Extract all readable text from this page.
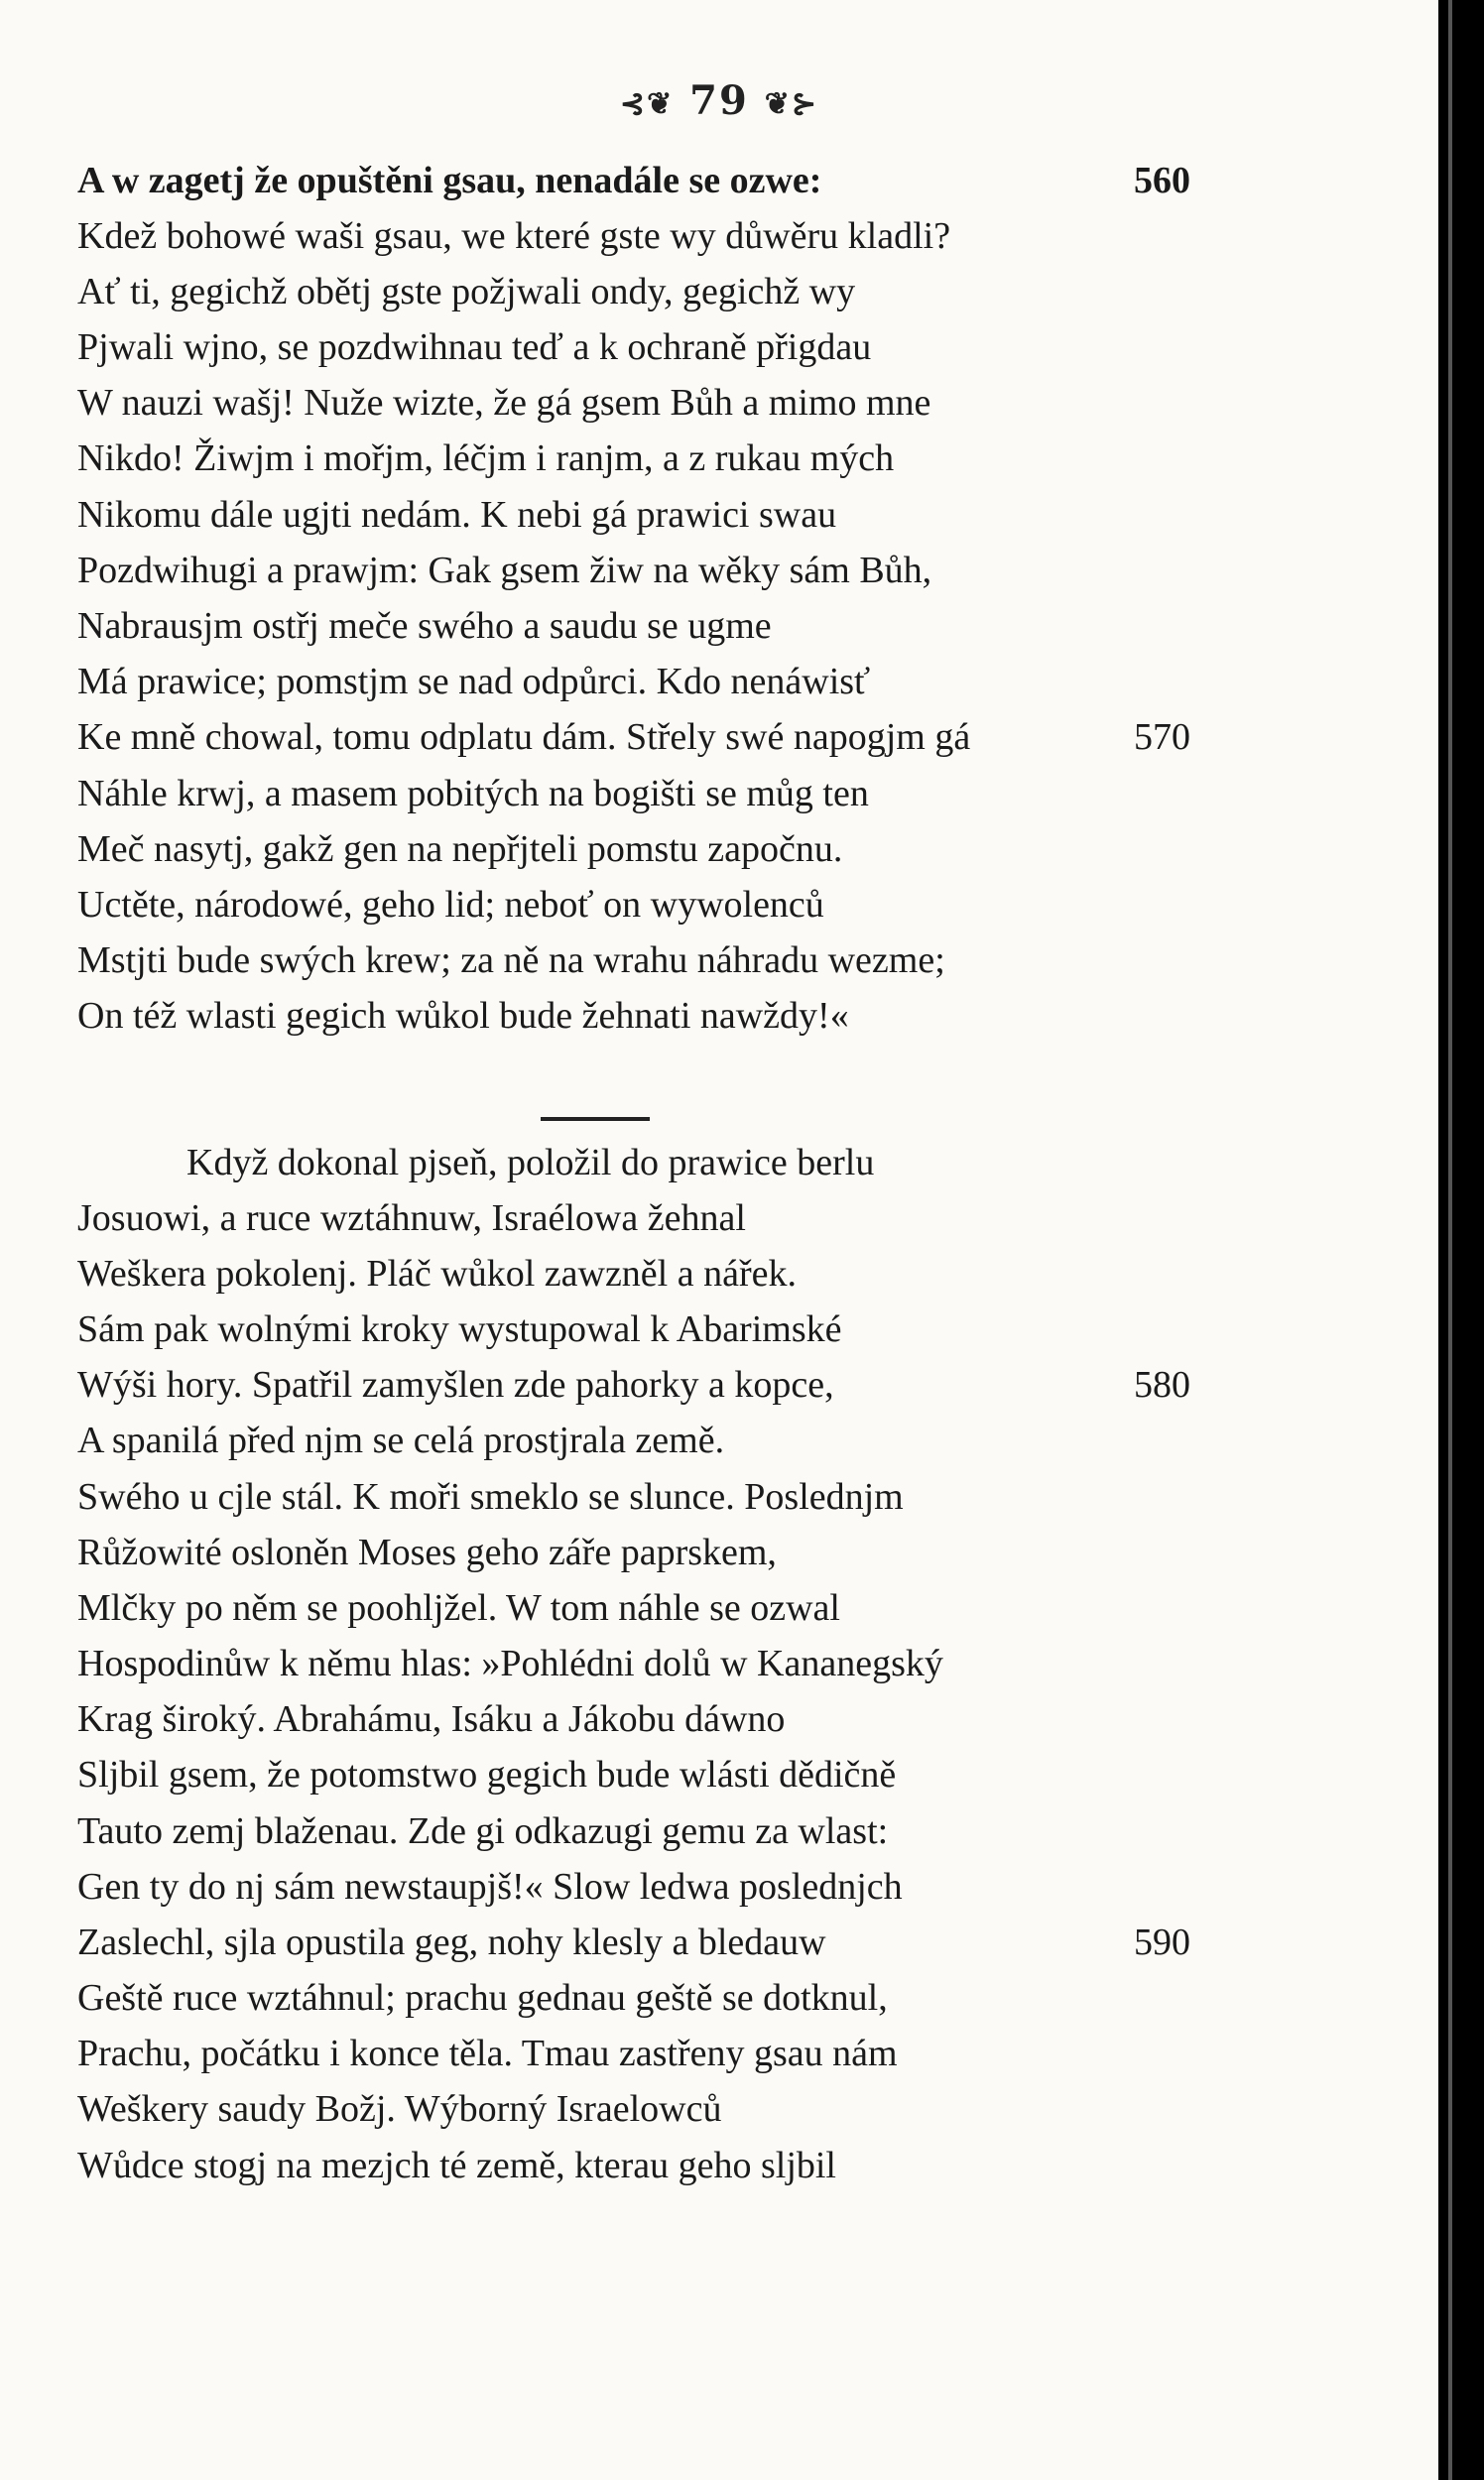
⊰❦ 79 ❦⊱
A w zagetj že opuštěni gsau, nenadále se ozwe:	560
Kdež bohowé waši gsau, we které gste wy důwěru kladli?
Ať ti, gegichž obětj gste požjwali ondy, gegichž wy
Pjwali wjno, se pozdwihnau teď a k ochraně přigdau
W nauzi wašj! Nuže wizte, že gá gsem Bůh a mimo mne
Nikdo! Žiwjm i mořjm, léčjm i ranjm, a z rukau mých
Nikomu dále ugjti nedám. K nebi gá prawici swau
Pozdwihugi a prawjm: Gak gsem žiw na wěky sám Bůh,
Nabrausjm ostřj meče swého a saudu se ugme
Má prawice; pomstjm se nad odpůrci. Kdo nenáwisť
Ke mně chowal, tomu odplatu dám. Střely swé napogjm gá	570
Náhle krwj, a masem pobitých na bogišti se můg ten
Meč nasytj, gakž gen na nepřjteli pomstu započnu.
Uctěte, národowé, geho lid; neboť on wywolenců
Mstjti bude swých krew; za ně na wrahu náhradu wezme;
On též wlasti gegich wůkol bude žehnati nawždy!«
Když dokonal pjseň, položil do prawice berlu
Josuowi, a ruce wztáhnuw, Israélowa žehnal
Weškera pokolenj. Pláč wůkol zawzněl a nářek.
Sám pak wolnými kroky wystupowal k Abarimské
Wýši hory. Spatřil zamyšlen zde pahorky a kopce,	580
A spanilá před njm se celá prostjrala země.
Swého u cjle stál. K moři smeklo se slunce. Poslednjm
Růžowité osloněn Moses geho záře paprskem,
Mlčky po něm se poohljžel. W tom náhle se ozwal
Hospodinůw k němu hlas: »Pohlédni dolů w Kananegský
Krag široký. Abrahámu, Isáku a Jákobu dáwno
Sljbil gsem, že potomstwo gegich bude wlásti dědičně
Tauto zemj blaženau. Zde gi odkazugi gemu za wlast:
Gen ty do nj sám newstaupjš!« Slow ledwa poslednjch
Zaslechl, sjla opustila geg, nohy klesly a bledauw	590
Geště ruce wztáhnul; prachu gednau geště se dotknul,
Prachu, počátku i konce těla. Tmau zastřeny gsau nám
Weškery saudy Božj. Wýborný Israelowců
Wůdce stogj na mezjch té země, kterau geho sljbil
